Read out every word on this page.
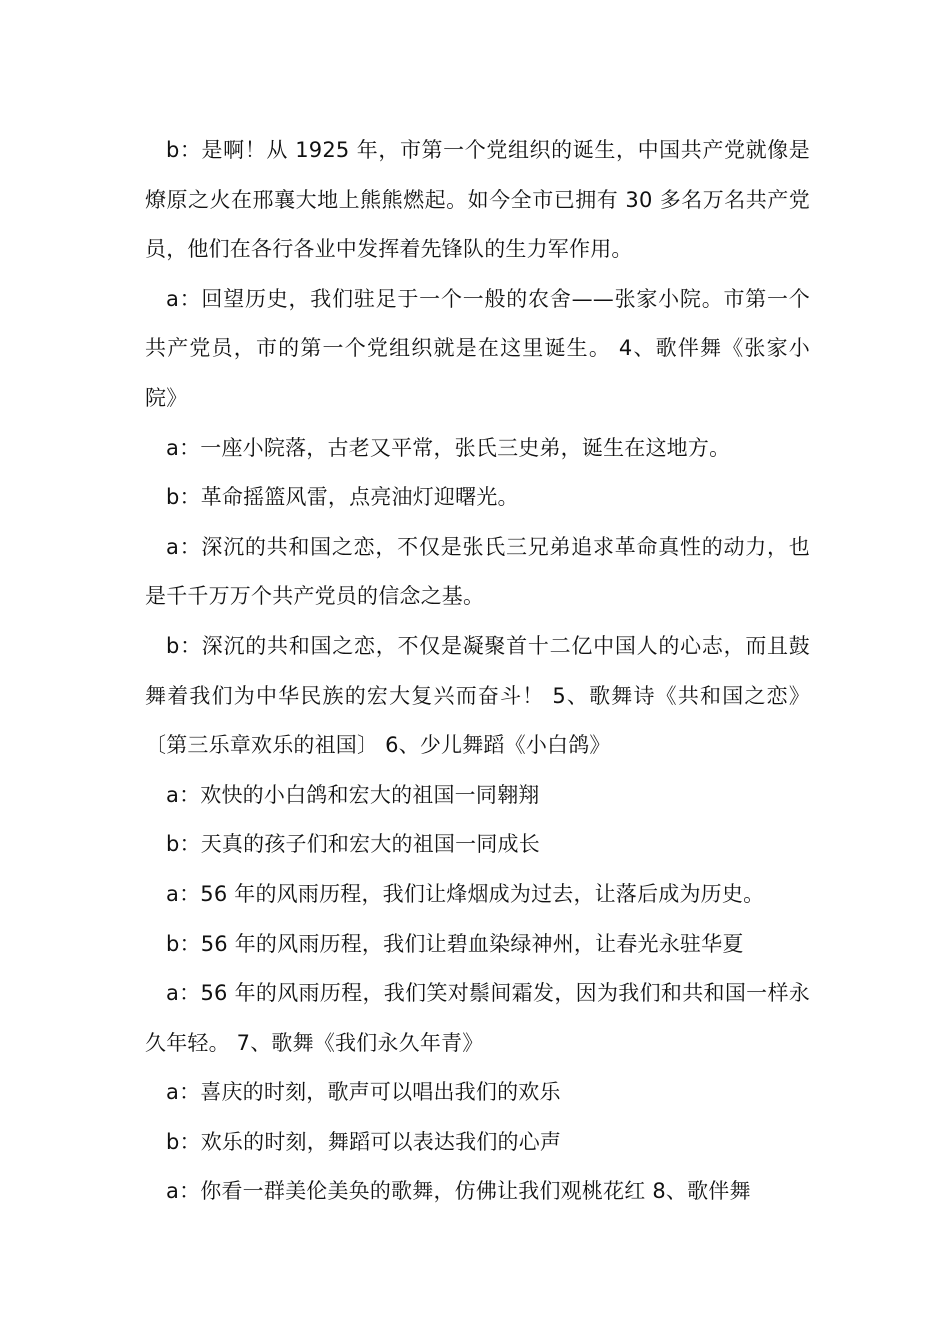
b：是啊！从 1925 年，市第一个党组织的诞生，中国共产党就像是燎原之火在邢襄大地上熊熊燃起。如今全市已拥有 30 多名万名共产党员，他们在各行各业中发挥着先锋队的生力军作用。

a：回望历史，我们驻足于一个一般的农舍——张家小院。市第一个共产党员，市的第一个党组织就是在这里诞生。 4、歌伴舞《张家小院》

a：一座小院落，古老又平常，张氏三史弟，诞生在这地方。

b：革命摇篮风雷，点亮油灯迎曙光。

a：深沉的共和国之恋，不仅是张氏三兄弟追求革命真性的动力，也是千千万万个共产党员的信念之基。

b：深沉的共和国之恋，不仅是凝聚首十二亿中国人的心志，而且鼓舞着我们为中华民族的宏大复兴而奋斗！ 5、歌舞诗《共和国之恋》 〔第三乐章欢乐的祖国〕 6、少儿舞蹈《小白鸽》

a：欢快的小白鸽和宏大的祖国一同翱翔

b：天真的孩子们和宏大的祖国一同成长

a：56 年的风雨历程，我们让烽烟成为过去，让落后成为历史。

b：56 年的风雨历程，我们让碧血染绿神州，让春光永驻华夏

a：56 年的风雨历程，我们笑对鬃间霜发，因为我们和共和国一样永久年轻。 7、歌舞《我们永久年青》

a：喜庆的时刻，歌声可以唱出我们的欢乐

b：欢乐的时刻，舞蹈可以表达我们的心声

a：你看一群美伦美奂的歌舞，仿佛让我们观桃花红 8、歌伴舞
